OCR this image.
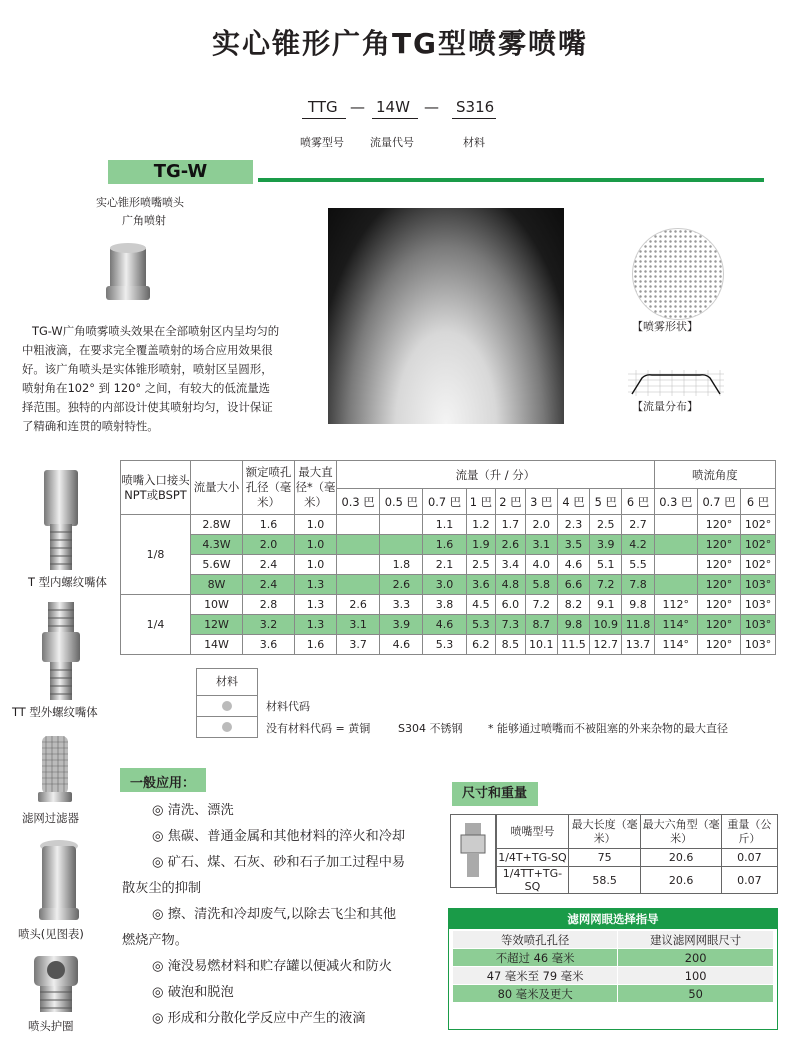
实心锥形广角TG型喷雾喷嘴
TTG — 14W — S316
喷雾型号 流量代号	材料
TG-W
实心锥形喷嘴喷头
广角喷射
TG-W广角喷雾喷头效果在全部喷射区内呈均匀的中粗液滴，在要求完全覆盖喷射的场合应用效果很好。该广角喷头是实体锥形喷射，喷射区呈圆形，喷射角在102° 到 120° 之间，有较大的低流量选择范围。独特的内部设计使其喷射均匀，设计保证了精确和连贯的喷射特性。
【喷雾形状】
【流量分布】
T 型内螺纹嘴体
TT 型外螺纹嘴体
滤网过滤器
喷头(见图表)
喷头护圈
喷嘴入口接头NPT或BSPT	流量大小	额定喷孔孔径（毫米）	最大直径*（毫米）	流量（升 / 分）									喷流角度		
				0.3 巴	0.5 巴	0.7 巴	1 巴	2 巴	3 巴	4 巴	5 巴	6 巴	0.3 巴	0.7 巴	6 巴
1/8	2.8W	1.6	1.0			1.1	1.2	1.7	2.0	2.3	2.5	2.7		120°	102°
	4.3W	2.0	1.0			1.6	1.9	2.6	3.1	3.5	3.9	4.2		120°	102°
	5.6W	2.4	1.0		1.8	2.1	2.5	3.4	4.0	4.6	5.1	5.5		120°	102°
	8W	2.4	1.3		2.6	3.0	3.6	4.8	5.8	6.6	7.2	7.8		120°	103°
1/4	10W	2.8	1.3	2.6	3.3	3.8	4.5	6.0	7.2	8.2	9.1	9.8	112°	120°	103°
	12W	3.2	1.3	3.1	3.9	4.6	5.3	7.3	8.7	9.8	10.9	11.8	114°	120°	103°
	14W	3.6	1.6	3.7	4.6	5.3	6.2	8.5	10.1	11.5	12.7	13.7	114°	120°	103°
材料
材料代码
没有材料代码 = 黄铜	S304 不锈钢 * 能够通过喷嘴而不被阻塞的外来杂物的最大直径
一般应用：
尺寸和重量
喷嘴型号	最大长度（毫米）	最大六角型（毫米）	重量（公斤）
1/4T+TG-SQ	75	20.6	0.07
1/4TT+TG-SQ	58.5	20.6	0.07
滤网网眼选择指导
等效喷孔孔径	建议滤网网眼尺寸
不超过 46 毫米	200
47 毫米至 79 毫米	100
80 毫米及更大	50
◎ 清洗、漂洗
◎ 焦碳、普通金属和其他材料的淬火和冷却
◎ 矿石、煤、石灰、砂和石子加工过程中易
散灰尘的抑制
◎ 擦、清洗和冷却废气,以除去飞尘和其他
燃烧产物。
◎ 淹没易燃材料和贮存罐以便减火和防火
◎ 破泡和脱泡
◎ 形成和分散化学反应中产生的液滴
